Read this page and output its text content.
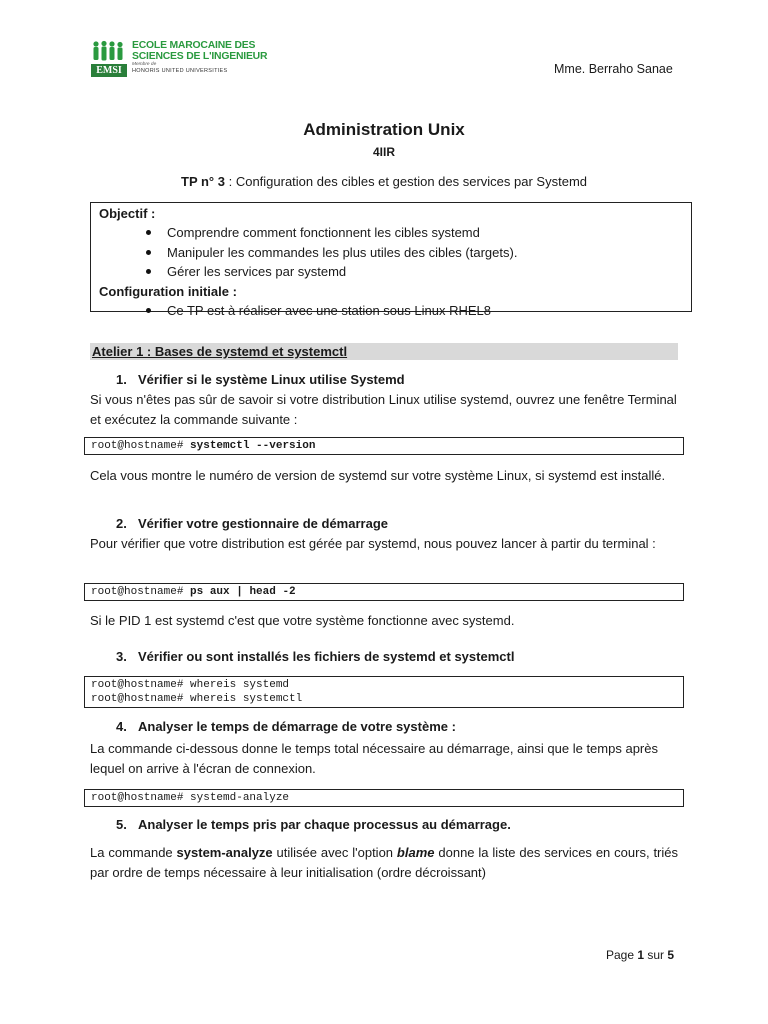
EMSI
ECOLE MAROCAINE DES
SCIENCES DE L'INGENIEUR
Membre de
HONORIS UNITED UNIVERSITIES	Mme. Berraho Sanae
Administration Unix
4IIR
TP n° 3 : Configuration des cibles et gestion des services par Systemd
Objectif :
Comprendre comment fonctionnent les cibles systemd
Manipuler les commandes les plus utiles des cibles (targets).
Gérer les services par systemd
Configuration initiale :
Ce TP est à réaliser avec une station sous Linux RHEL8
Atelier 1 : Bases de systemd et systemctl
1. Vérifier si le système Linux utilise Systemd

Si vous n'êtes pas sûr de savoir si votre distribution Linux utilise systemd, ouvrez une fenêtre Terminal et exécutez la commande suivante :

root@hostname# systemctl --version

Cela vous montre le numéro de version de systemd sur votre système Linux, si systemd est installé.

2. Vérifier votre gestionnaire de démarrage

Pour vérifier que votre distribution est gérée par systemd, nous pouvez lancer à partir du terminal :

root@hostname# ps aux | head -2

Si le PID 1 est systemd c'est que votre système fonctionne avec systemd.

3. Vérifier ou sont installés les fichiers de systemd et systemctl
root@hostname# whereis systemd
root@hostname# whereis systemctl
4. Analyser le temps de démarrage de votre système :

La commande ci-dessous donne le temps total nécessaire au démarrage, ainsi que le temps après lequel on arrive à l'écran de connexion.

root@hostname# systemd-analyze
5. Analyser le temps pris par chaque processus au démarrage.

La commande system-analyze utilisée avec l'option blame donne la liste des services en cours, triés par ordre de temps nécessaire à leur initialisation (ordre décroissant)

Page 1 sur 5
